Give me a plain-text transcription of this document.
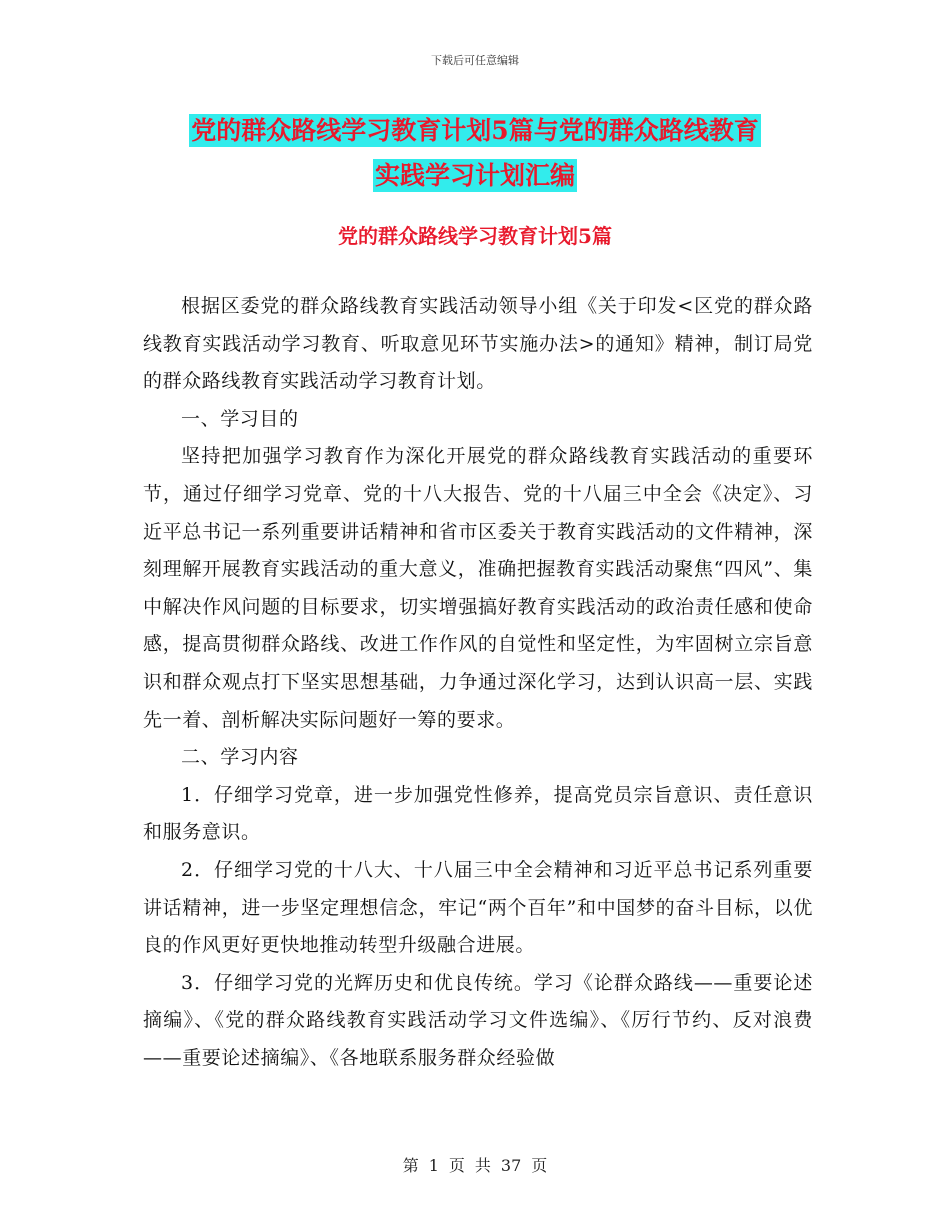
下载后可任意编辑
党的群众路线学习教育计划5篇与党的群众路线教育
实践学习计划汇编
党的群众路线学习教育计划5篇

根据区委党的群众路线教育实践活动领导小组《关于印发<区党的群众路线教育实践活动学习教育、听取意见环节实施办法>的通知》精神，制订局党的群众路线教育实践活动学习教育计划。

一、学习目的

坚持把加强学习教育作为深化开展党的群众路线教育实践活动的重要环节，通过仔细学习党章、党的十八大报告、党的十八届三中全会《决定》、习近平总书记一系列重要讲话精神和省市区委关于教育实践活动的文件精神，深刻理解开展教育实践活动的重大意义，准确把握教育实践活动聚焦“四风”、集中解决作风问题的目标要求，切实增强搞好教育实践活动的政治责任感和使命感，提高贯彻群众路线、改进工作作风的自觉性和坚定性，为牢固树立宗旨意识和群众观点打下坚实思想基础，力争通过深化学习，达到认识高一层、实践先一着、剖析解决实际问题好一筹的要求。

二、学习内容

1．仔细学习党章，进一步加强党性修养，提高党员宗旨意识、责任意识和服务意识。

2．仔细学习党的十八大、十八届三中全会精神和习近平总书记系列重要讲话精神，进一步坚定理想信念，牢记“两个百年”和中国梦的奋斗目标，以优良的作风更好更快地推动转型升级融合进展。

3．仔细学习党的光辉历史和优良传统。学习《论群众路线——重要论述摘编》、《党的群众路线教育实践活动学习文件选编》、《厉行节约、反对浪费——重要论述摘编》、《各地联系服务群众经验做

第 1 页 共 37 页
